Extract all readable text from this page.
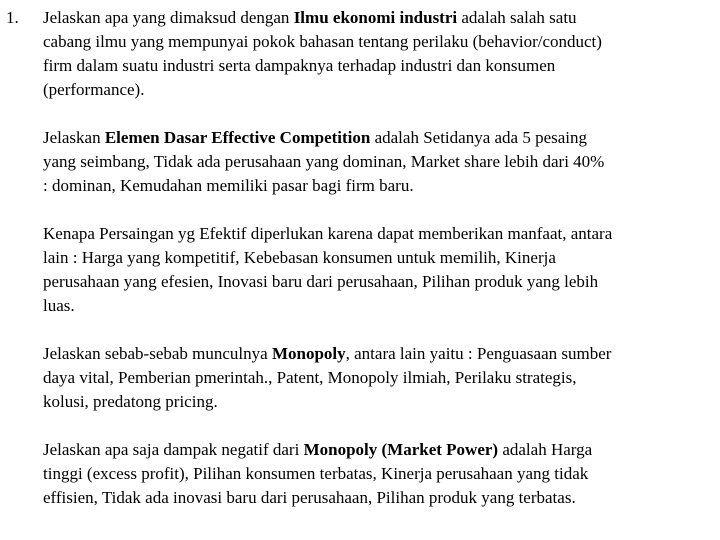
1. Jelaskan apa yang dimaksud dengan Ilmu ekonomi industri adalah salah satu
cabang ilmu yang mempunyai pokok bahasan tentang perilaku (behavior/conduct)
firm dalam suatu industri serta dampaknya terhadap industri dan konsumen
(performance).
Jelaskan Elemen Dasar Effective Competition adalah Setidanya ada 5 pesaing
yang seimbang, Tidak ada perusahaan yang dominan, Market share lebih dari 40%
: dominan, Kemudahan memiliki pasar bagi firm baru.
Kenapa Persaingan yg Efektif diperlukan karena dapat memberikan manfaat, antara
lain : Harga yang kompetitif, Kebebasan konsumen untuk memilih, Kinerja
perusahaan yang efesien, Inovasi baru dari perusahaan, Pilihan produk yang lebih
luas.
Jelaskan sebab-sebab munculnya Monopoly, antara lain yaitu : Penguasaan sumber
daya vital, Pemberian pmerintah., Patent, Monopoly ilmiah, Perilaku strategis,
kolusi, predatong pricing.
Jelaskan apa saja dampak negatif dari Monopoly (Market Power) adalah Harga
tinggi (excess profit), Pilihan konsumen terbatas, Kinerja perusahaan yang tidak
effisien, Tidak ada inovasi baru dari perusahaan, Pilihan produk yang terbatas.
